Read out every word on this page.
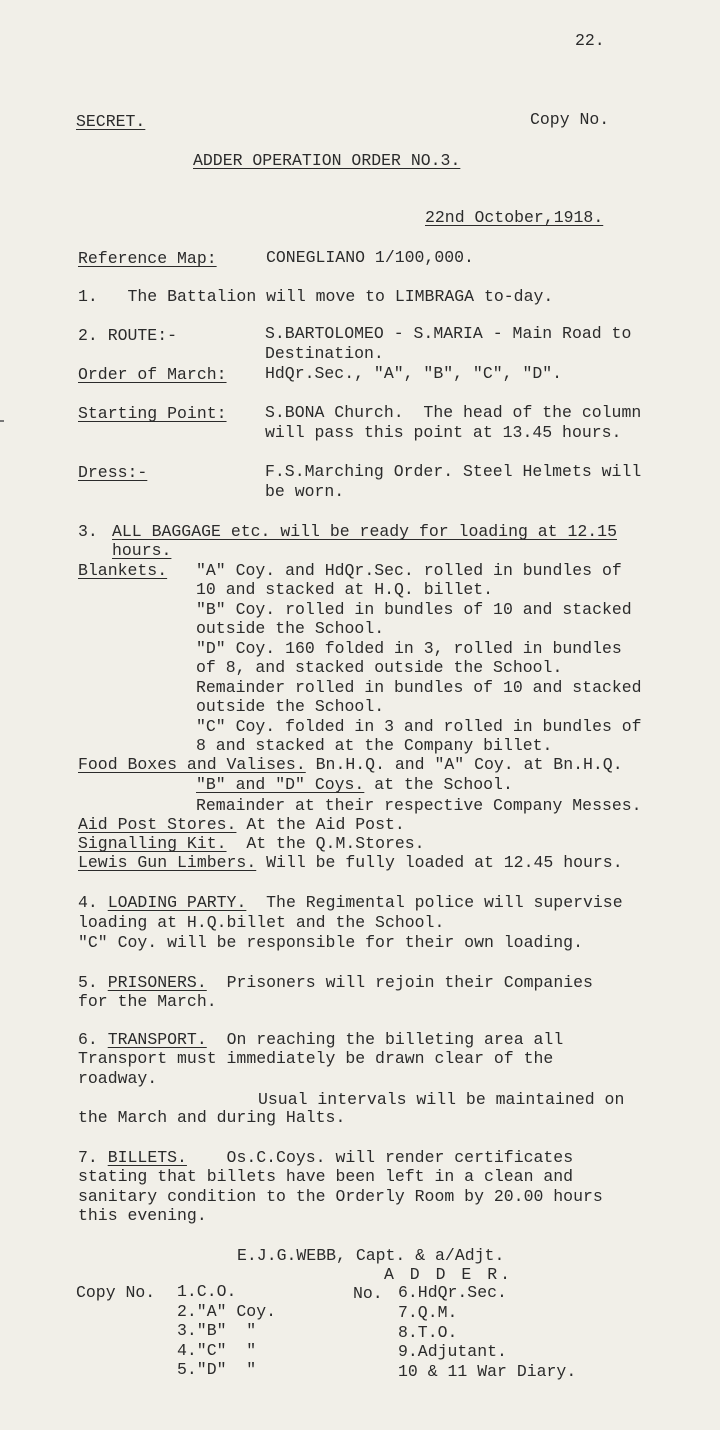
22.
SECRET.	Copy No.
ADDER OPERATION ORDER NO.3.
22nd October,1918.
Reference Map:	CONEGLIANO 1/100,000.
1.   The Battalion will move to LIMBRAGA to-day.
2. ROUTE:-	S.BARTOLOMEO - S.MARIA - Main Road to
Destination.
Order of March: HdQr.Sec., "A", "B", "C", "D".
Starting Point: S.BONA Church.  The head of the column
will pass this point at 13.45 hours.
Dress:-	F.S.Marching Order. Steel Helmets will
be worn.
3. ALL BAGGAGE etc. will be ready for loading at 12.15
hours.
Blankets. "A" Coy. and HdQr.Sec. rolled in bundles of
10 and stacked at H.Q. billet.
"B" Coy. rolled in bundles of 10 and stacked
outside the School.
"D" Coy. 160 folded in 3, rolled in bundles
of 8, and stacked outside the School.
Remainder rolled in bundles of 10 and stacked
outside the School.
"C" Coy. folded in 3 and rolled in bundles of
8 and stacked at the Company billet.
Food Boxes and Valises. Bn.H.Q. and "A" Coy. at Bn.H.Q.
"B" and "D" Coys. at the School.
Remainder at their respective Company Messes.
Aid Post Stores. At the Aid Post.
Signalling Kit. At the Q.M.Stores.
Lewis Gun Limbers. Will be fully loaded at 12.45 hours.
4. LOADING PARTY. The Regimental police will supervise
loading at H.Q.billet and the School.
"C" Coy. will be responsible for their own loading.
5. PRISONERS. Prisoners will rejoin their Companies
for the March.
6. TRANSPORT. On reaching the billeting area all
Transport must immediately be drawn clear of the
roadway.
Usual intervals will be maintained on
the March and during Halts.
7. BILLETS. Os.C.Coys. will render certificates
stating that billets have been left in a clean and
sanitary condition to the Orderly Room by 20.00 hours
this evening.
E.J.G.WEBB, Capt. & a/Adjt.
A D D E R.
Copy No. 1.C.O.
2."A" Coy.
3."B"  "
4."C"  "
5."D"  "
No. 6.HdQr.Sec.
7.Q.M.
8.T.O.
9.Adjutant.
10 & 11 War Diary.
